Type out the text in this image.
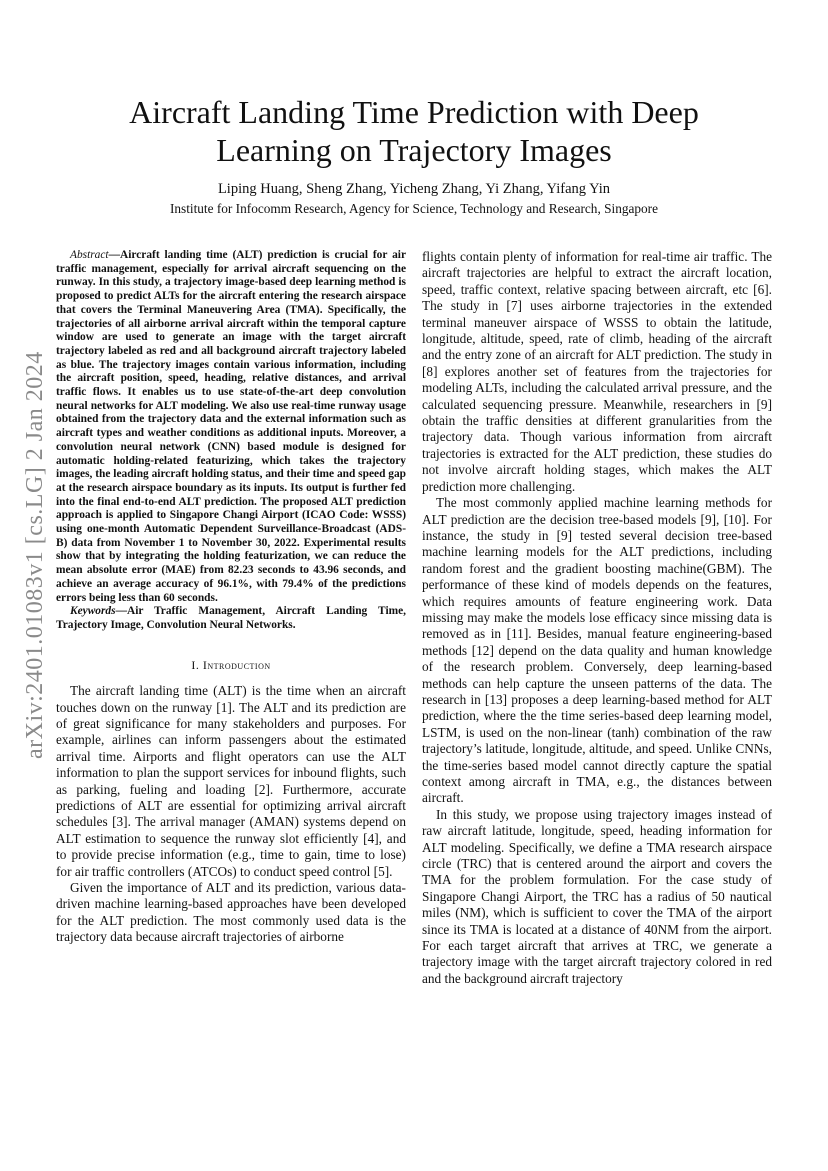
arXiv:2401.01083v1 [cs.LG] 2 Jan 2024
Aircraft Landing Time Prediction with Deep Learning on Trajectory Images
Liping Huang, Sheng Zhang, Yicheng Zhang, Yi Zhang, Yifang Yin
Institute for Infocomm Research, Agency for Science, Technology and Research, Singapore

Abstract—Aircraft landing time (ALT) prediction is crucial for air traffic management, especially for arrival aircraft sequencing on the runway. In this study, a trajectory image-based deep learning method is proposed to predict ALTs for the aircraft entering the research airspace that covers the Terminal Maneuvering Area (TMA). Specifically, the trajectories of all airborne arrival aircraft within the temporal capture window are used to generate an image with the target aircraft trajectory labeled as red and all background aircraft trajectory labeled as blue. The trajectory images contain various information, including the aircraft position, speed, heading, relative distances, and arrival traffic flows. It enables us to use state-of-the-art deep convolution neural networks for ALT modeling. We also use real-time runway usage obtained from the trajectory data and the external information such as aircraft types and weather conditions as additional inputs. Moreover, a convolution neural network (CNN) based module is designed for automatic holding-related featurizing, which takes the trajectory images, the leading aircraft holding status, and their time and speed gap at the research airspace boundary as its inputs. Its output is further fed into the final end-to-end ALT prediction. The proposed ALT prediction approach is applied to Singapore Changi Airport (ICAO Code: WSSS) using one-month Automatic Dependent Surveillance-Broadcast (ADS-B) data from November 1 to November 30, 2022. Experimental results show that by integrating the holding featurization, we can reduce the mean absolute error (MAE) from 82.23 seconds to 43.96 seconds, and achieve an average accuracy of 96.1%, with 79.4% of the predictions errors being less than 60 seconds.

Keywords—Air Traffic Management, Aircraft Landing Time, Trajectory Image, Convolution Neural Networks.

I. Introduction

The aircraft landing time (ALT) is the time when an aircraft touches down on the runway [1]. The ALT and its prediction are of great significance for many stakeholders and purposes. For example, airlines can inform passengers about the estimated arrival time. Airports and flight operators can use the ALT information to plan the support services for inbound flights, such as parking, fueling and loading [2]. Furthermore, accurate predictions of ALT are essential for optimizing arrival aircraft schedules [3]. The arrival manager (AMAN) systems depend on ALT estimation to sequence the runway slot efficiently [4], and to provide precise information (e.g., time to gain, time to lose) for air traffic controllers (ATCOs) to conduct speed control [5].

Given the importance of ALT and its prediction, various data-driven machine learning-based approaches have been developed for the ALT prediction. The most commonly used data is the trajectory data because aircraft trajectories of airborne

flights contain plenty of information for real-time air traffic. The aircraft trajectories are helpful to extract the aircraft location, speed, traffic context, relative spacing between aircraft, etc [6]. The study in [7] uses airborne trajectories in the extended terminal maneuver airspace of WSSS to obtain the latitude, longitude, altitude, speed, rate of climb, heading of the aircraft and the entry zone of an aircraft for ALT prediction. The study in [8] explores another set of features from the trajectories for modeling ALTs, including the calculated arrival pressure, and the calculated sequencing pressure. Meanwhile, researchers in [9] obtain the traffic densities at different granularities from the trajectory data. Though various information from aircraft trajectories is extracted for the ALT prediction, these studies do not involve aircraft holding stages, which makes the ALT prediction more challenging.

The most commonly applied machine learning methods for ALT prediction are the decision tree-based models [9], [10]. For instance, the study in [9] tested several decision tree-based machine learning models for the ALT predictions, including random forest and the gradient boosting machine(GBM). The performance of these kind of models depends on the features, which requires amounts of feature engineering work. Data missing may make the models lose efficacy since missing data is removed as in [11]. Besides, manual feature engineering-based methods [12] depend on the data quality and human knowledge of the research problem. Conversely, deep learning-based methods can help capture the unseen patterns of the data. The research in [13] proposes a deep learning-based method for ALT prediction, where the the time series-based deep learning model, LSTM, is used on the non-linear (tanh) combination of the raw trajectory’s latitude, longitude, altitude, and speed. Unlike CNNs, the time-series based model cannot directly capture the spatial context among aircraft in TMA, e.g., the distances between aircraft.

In this study, we propose using trajectory images instead of raw aircraft latitude, longitude, speed, heading information for ALT modeling. Specifically, we define a TMA research airspace circle (TRC) that is centered around the airport and covers the TMA for the problem formulation. For the case study of Singapore Changi Airport, the TRC has a radius of 50 nautical miles (NM), which is sufficient to cover the TMA of the airport since its TMA is located at a distance of 40NM from the airport. For each target aircraft that arrives at TRC, we generate a trajectory image with the target aircraft trajectory colored in red and the background aircraft trajectory
